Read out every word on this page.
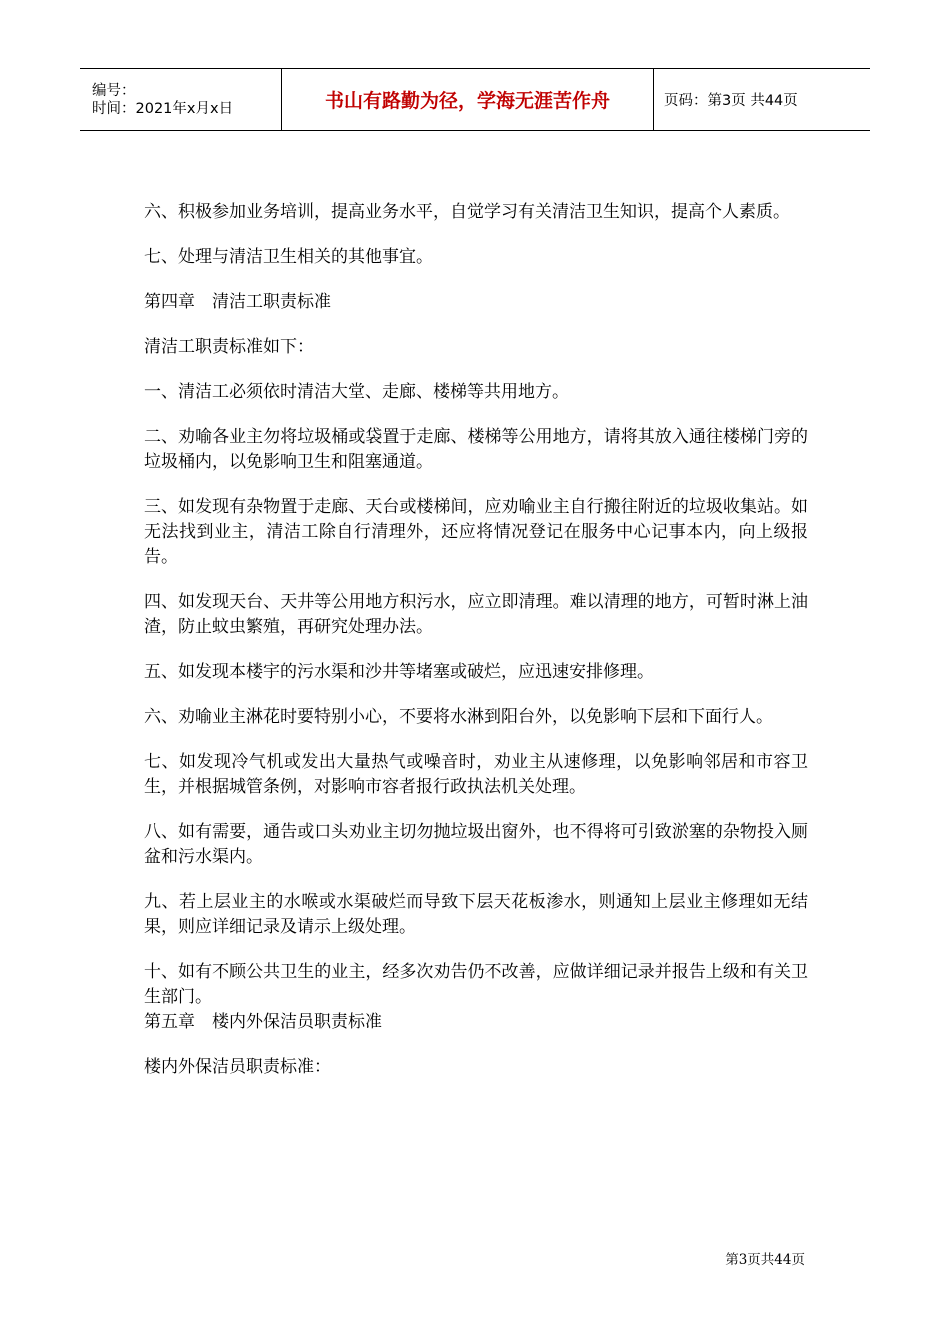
编号：
时间：2021年x月x日	书山有路勤为径，学海无涯苦作舟	页码：第3页 共44页

六、积极参加业务培训，提高业务水平，自觉学习有关清洁卫生知识，提高个人素质。

七、处理与清洁卫生相关的其他事宜。

第四章　清洁工职责标准

清洁工职责标准如下：

一、清洁工必须依时清洁大堂、走廊、楼梯等共用地方。

二、劝喻各业主勿将垃圾桶或袋置于走廊、楼梯等公用地方，请将其放入通往楼梯门旁的垃圾桶内，以免影响卫生和阻塞通道。

三、如发现有杂物置于走廊、天台或楼梯间，应劝喻业主自行搬往附近的垃圾收集站。如无法找到业主，清洁工除自行清理外，还应将情况登记在服务中心记事本内，向上级报告。

四、如发现天台、天井等公用地方积污水，应立即清理。难以清理的地方，可暂时淋上油渣，防止蚊虫繁殖，再研究处理办法。

五、如发现本楼宇的污水渠和沙井等堵塞或破烂，应迅速安排修理。

六、劝喻业主淋花时要特别小心，不要将水淋到阳台外，以免影响下层和下面行人。

七、如发现冷气机或发出大量热气或噪音时，劝业主从速修理，以免影响邻居和市容卫生，并根据城管条例，对影响市容者报行政执法机关处理。

八、如有需要，通告或口头劝业主切勿抛垃圾出窗外，也不得将可引致淤塞的杂物投入厕盆和污水渠内。

九、若上层业主的水喉或水渠破烂而导致下层天花板渗水，则通知上层业主修理如无结果，则应详细记录及请示上级处理。

十、如有不顾公共卫生的业主，经多次劝告仍不改善，应做详细记录并报告上级和有关卫生部门。

第五章　楼内外保洁员职责标准

楼内外保洁员职责标准：

第3页共44页
